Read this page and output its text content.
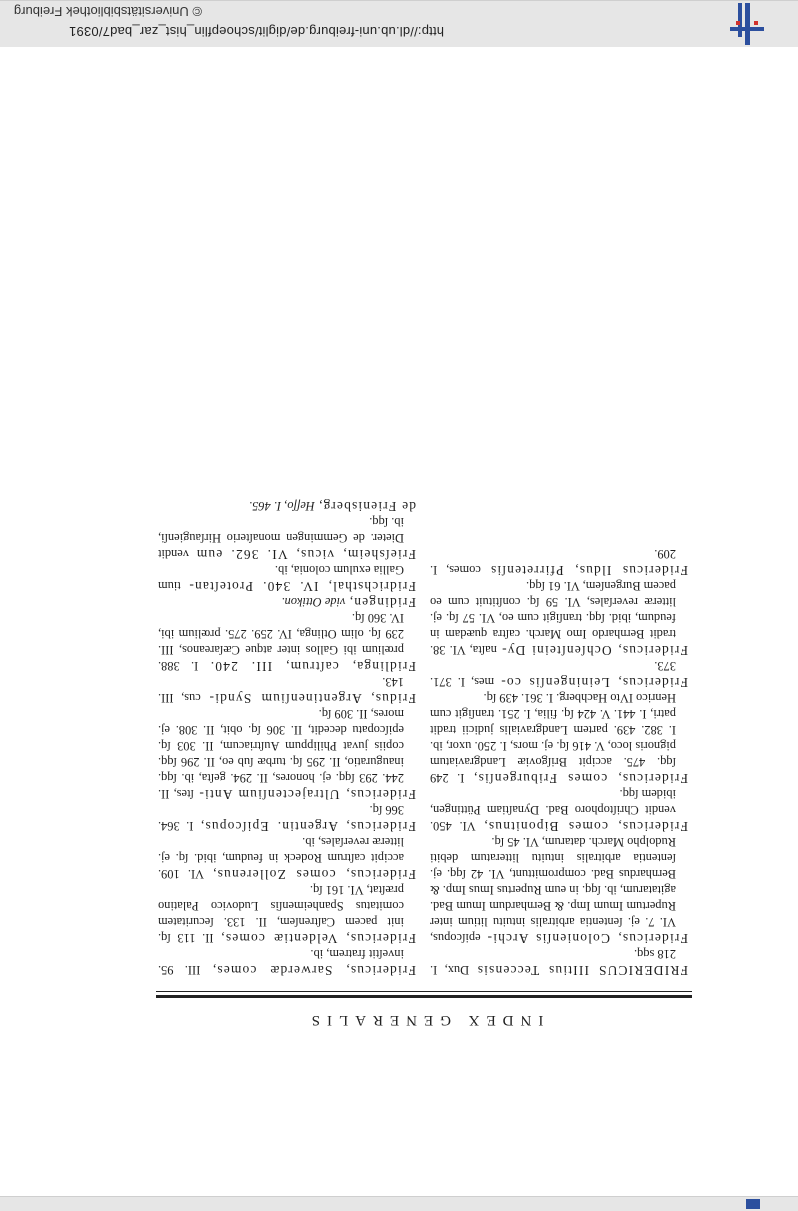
© Universitätsbibliothek Freiburg
http://dl.ub.uni-freiburg.de/diglit/schoepflin_hist_zar_bad7/0391
INDEX GENERALIS

FRIDERICUS IIItius Teccensis Dux, I. 218 sqq.

Fridericus, Colonienſis Archi- epiſcopus, VI. 7. ej. ſententia arbitralis intuitu litium inter Rupertum Imum Imp. & Bernhardum Imum Bad. agitatarum, ib. ſqq. in eum Rupertus Imus Imp. & Bernhardus Bad. compromittunt, VI. 42 ſqq. ej. ſententia arbitralis intuitu litteratum debiti Rudolpho March. datarum, VI. 45 ſq.

Fridericus, comes Biponitnus, VI. 450. vendit Chriſtophoro Bad. Dynaſtiam Püttingen, ibidem ſqq.

Fridericus, comes Friburgenſis, I. 249 ſqq. 475. accipit Briſgoviæ Landgraviatum pignoris loco, V. 416 ſq. ej. mors, I. 250. uxor, ib. I. 382. 439. partem Landgravialis judicii tradit patri, I. 441. V. 424 ſq. filia, I. 251. tranſigit cum Henrico IVto Hachberg. I. 361. 439 ſq.

Fridericus, Leiningenſis co- mes, I. 371. 373.

Fridericus, Ochſenſteini Dy- naſta, VI. 38. tradit Bernhardo Imo March. caſtra quædam in feudum, ibid. ſqq. tranſigit cum eo, VI. 57 ſq. ej. litteræ reverſales, VI. 59 ſq. conſtituit cum eo pacem Burgenſem, VI. 61 ſqq.

Fridericus Ildus, Pfirretenſis comes, I. 209.

Fridericus, Sarwerdæ comes, III. 95. inveſtit fratrem, ib.

Fridericus, Veldentiæ comes, II. 113 ſq. init pacem Caſtrenſem, II. 133. ſecuritatem comitatus Spanheimenſis Ludovico Palatino præſtat, VI. 161 ſq.

Fridericus, comes Zollerenus, VI. 109. accipit caſtrum Rodeck in feudum, ibid. ſq. ej. litteræ reverſales, ib.

Fridericus, Argentin. Epiſcopus, I. 364. 366 ſq.

Fridericus, Ultrajectenſium Anti- ſtes, II. 244. 293 ſqq. ej. honores, II. 294. geſta, ib. ſqq. inauguratio, II. 295 ſq. turbæ ſub eo, II. 296 ſqq. copiis juvat Philippum Auſtriacum, II. 303 ſq. epiſcopatu decedit, II. 306 ſq. obit, II. 308. ej. mores, II. 309 ſq.

Fridus, Argentinenſium Syndi- cus, III. 143.

Fridlinga, caſtrum, III. 240. I. 388. prœlium ibi Gallos inter atque Cæſareanos, III. 239 ſq. olim Otlinga, IV. 259. 275. prœlium ibi, IV. 360 ſq.

Fridingen, vide Ottikon.

Fridrichsthal, IV. 340. Proteſtan- tium Gallia exulum colonia, ib.

Frieſsheim, vicus, VI. 362. eum vendit Dieter. de Gemmingen monaſterio Hirſaugienſi, ib. ſqq.

de Frienisberg, Heſſo, I. 465.
